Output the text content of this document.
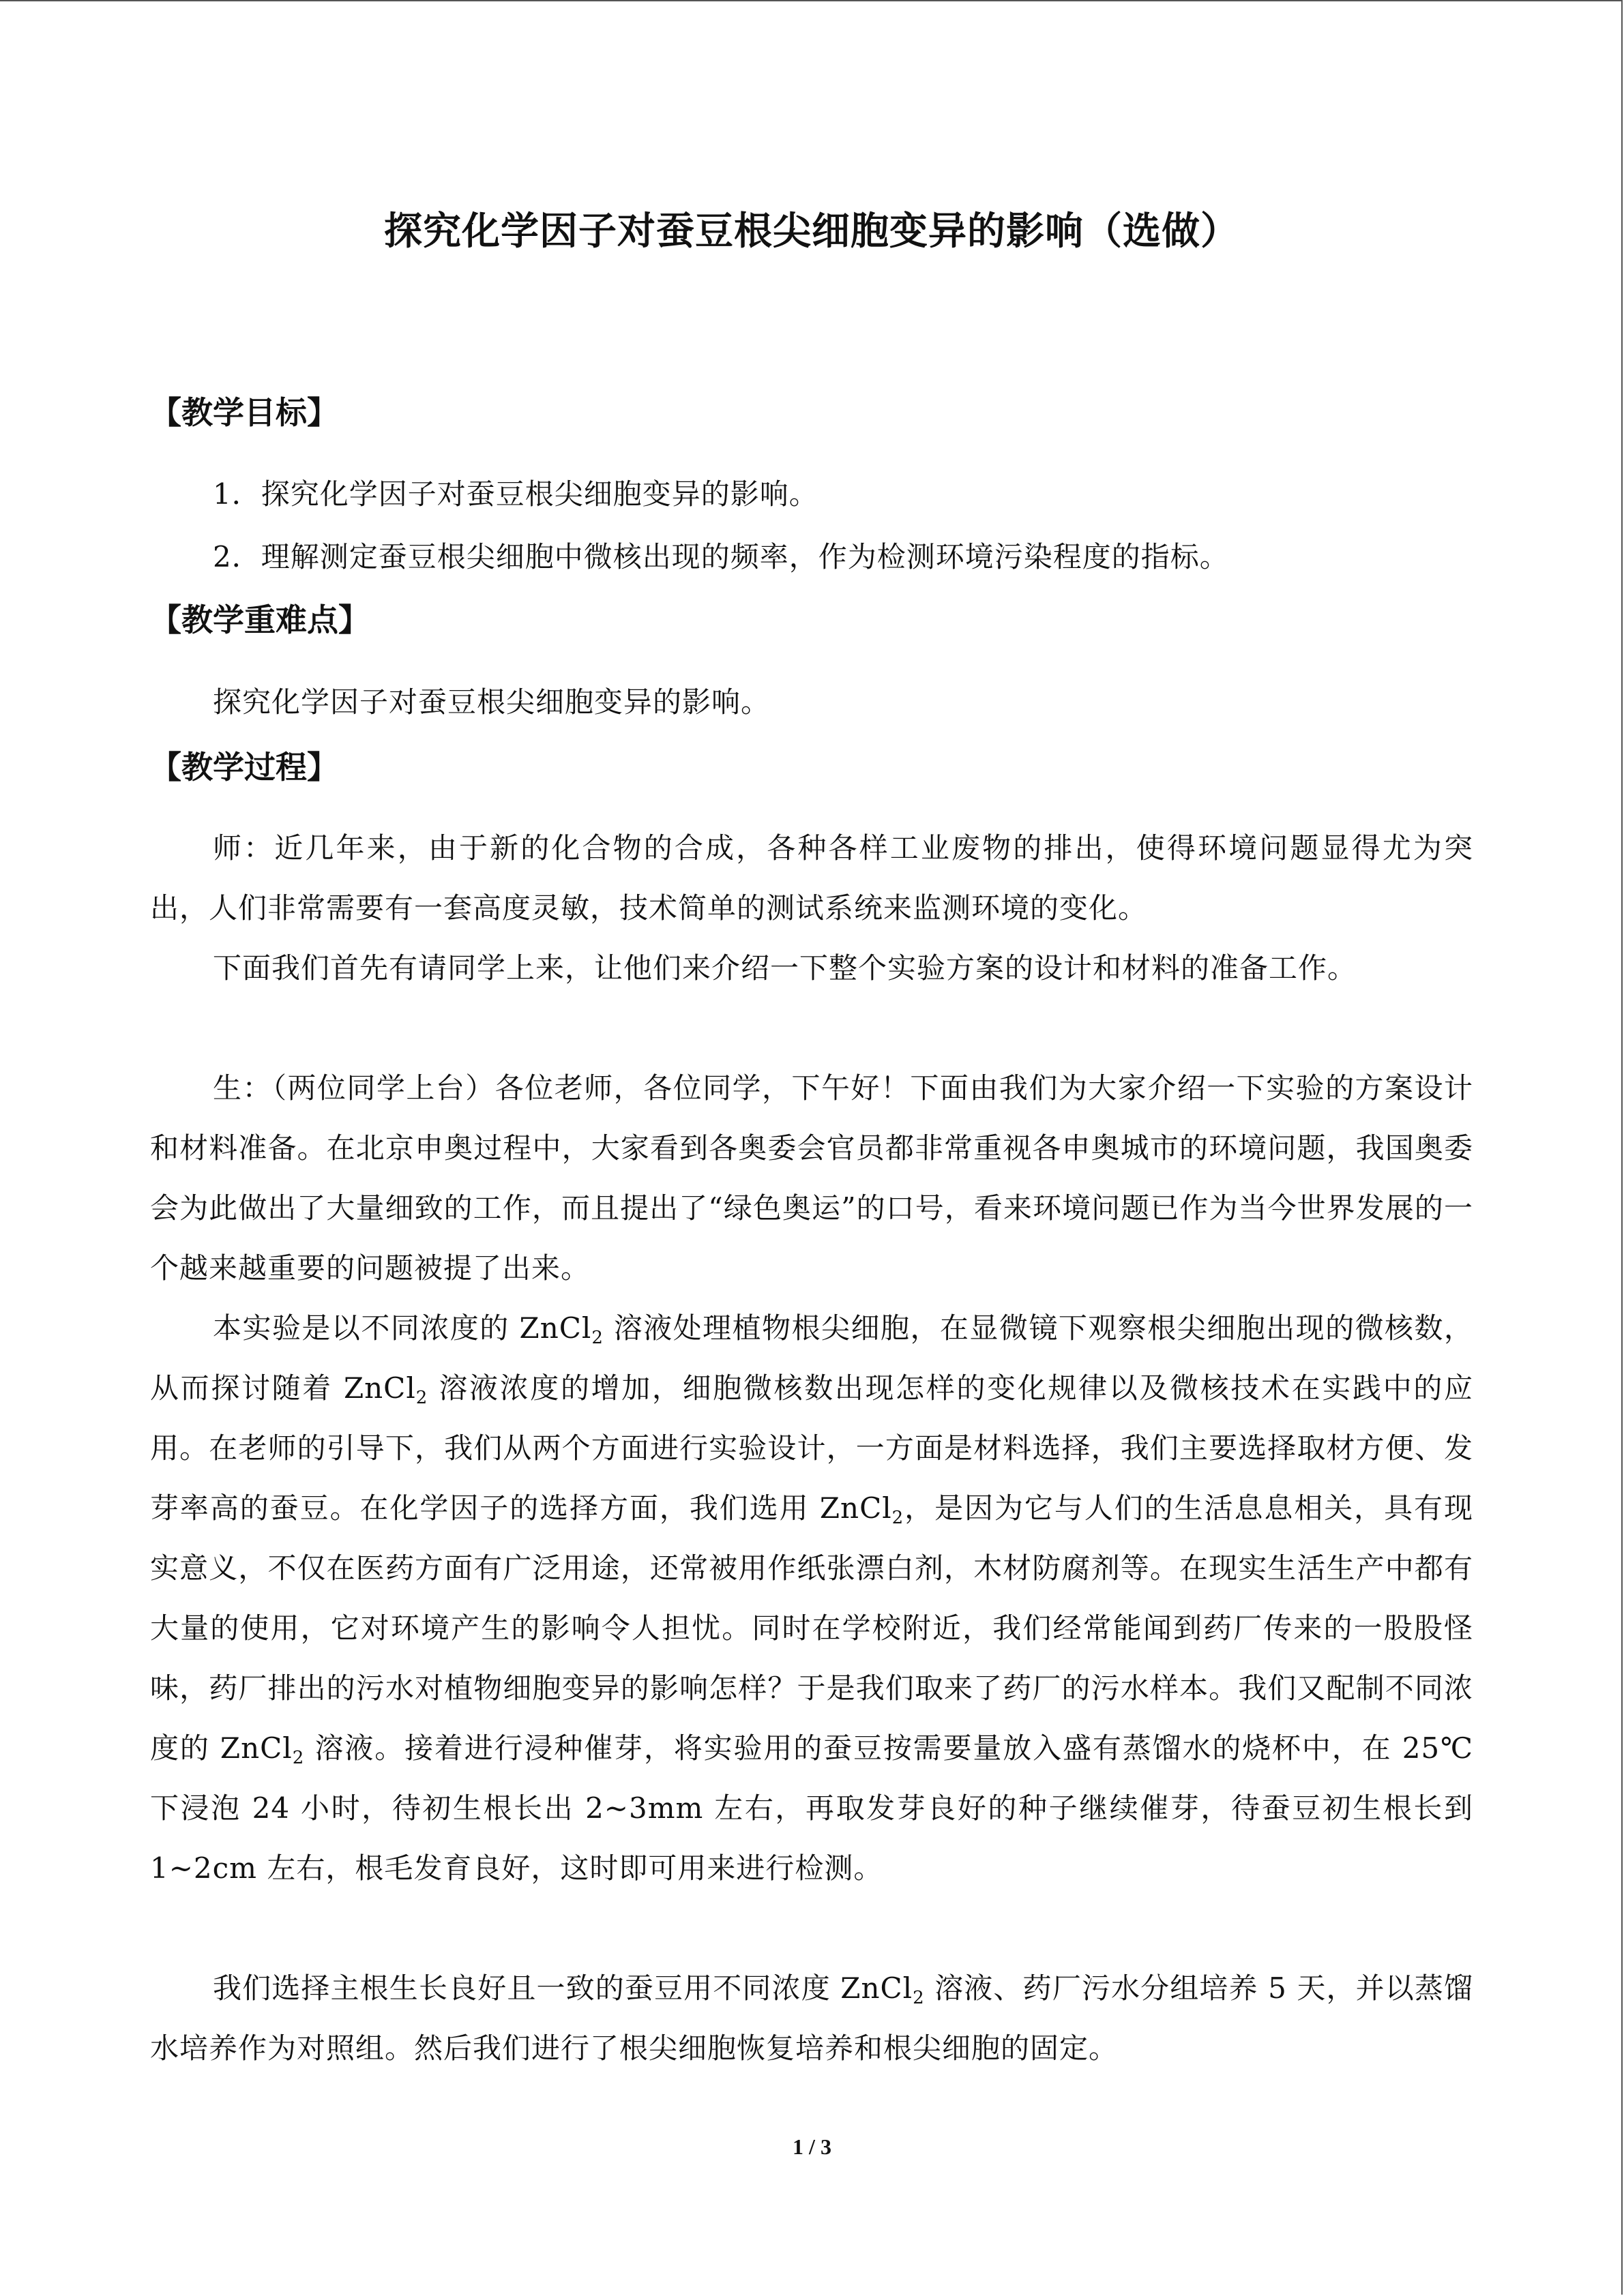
探究化学因子对蚕豆根尖细胞变异的影响（选做）
【教学目标】
1．探究化学因子对蚕豆根尖细胞变异的影响。
2．理解测定蚕豆根尖细胞中微核出现的频率，作为检测环境污染程度的指标。
【教学重难点】
探究化学因子对蚕豆根尖细胞变异的影响。
【教学过程】

师：近几年来，由于新的化合物的合成，各种各样工业废物的排出，使得环境问题显得尤为突出，人们非常需要有一套高度灵敏，技术简单的测试系统来监测环境的变化。

下面我们首先有请同学上来，让他们来介绍一下整个实验方案的设计和材料的准备工作。

生：（两位同学上台）各位老师，各位同学，下午好！下面由我们为大家介绍一下实验的方案设计和材料准备。在北京申奥过程中，大家看到各奥委会官员都非常重视各申奥城市的环境问题，我国奥委会为此做出了大量细致的工作，而且提出了“绿色奥运”的口号，看来环境问题已作为当今世界发展的一个越来越重要的问题被提了出来。

本实验是以不同浓度的 ZnCl$_2$ 溶液处理植物根尖细胞，在显微镜下观察根尖细胞出现的微核数，从而探讨随着 ZnCl$_2$ 溶液浓度的增加，细胞微核数出现怎样的变化规律以及微核技术在实践中的应用。在老师的引导下，我们从两个方面进行实验设计，一方面是材料选择，我们主要选择取材方便、发芽率高的蚕豆。在化学因子的选择方面，我们选用 ZnCl$_2$，是因为它与人们的生活息息相关，具有现实意义，不仅在医药方面有广泛用途，还常被用作纸张漂白剂，木材防腐剂等。在现实生活生产中都有大量的使用，它对环境产生的影响令人担忧。同时在学校附近，我们经常能闻到药厂传来的一股股怪味，药厂排出的污水对植物细胞变异的影响怎样？于是我们取来了药厂的污水样本。我们又配制不同浓度的 ZnCl$_2$ 溶液。接着进行浸种催芽，将实验用的蚕豆按需要量放入盛有蒸馏水的烧杯中，在 25℃下浸泡 24 小时，待初生根长出 2~3mm 左右，再取发芽良好的种子继续催芽，待蚕豆初生根长到 1~2cm 左右，根毛发育良好，这时即可用来进行检测。

我们选择主根生长良好且一致的蚕豆用不同浓度 ZnCl$_2$ 溶液、药厂污水分组培养 5 天，并以蒸馏水培养作为对照组。然后我们进行了根尖细胞恢复培养和根尖细胞的固定。

1 / 3
